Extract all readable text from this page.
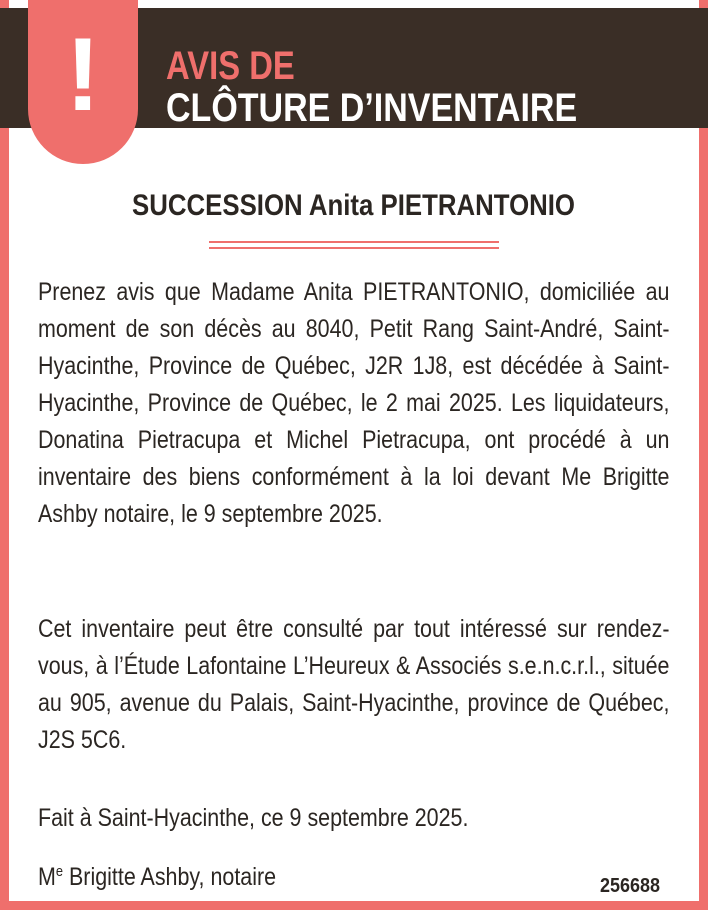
AVIS DE
CLÔTURE D’INVENTAIRE
!
SUCCESSION Anita PIETRANTONIO

Prenez avis que Madame Anita PIETRANTONIO, domiciliée au moment de son décès au 8040, Petit Rang Saint-André, Saint-Hyacinthe, Province de Québec, J2R 1J8, est décédée à Saint-Hyacinthe, Province de Québec, le 2 mai 2025. Les liquidateurs, Donatina Pietracupa et Michel Pietracupa, ont procédé à un inventaire des biens conformément à la loi devant Me Brigitte Ashby notaire, le 9 septembre 2025.

Cet inventaire peut être consulté par tout intéressé sur rendez-vous, à l’Étude Lafontaine L’Heureux & Associés s.e.n.c.r.l., située au 905, avenue du Palais, Saint-Hyacinthe, province de Québec, J2S 5C6.

Fait à Saint-Hyacinthe, ce 9 septembre 2025.

Me Brigitte Ashby, notaire	256688
